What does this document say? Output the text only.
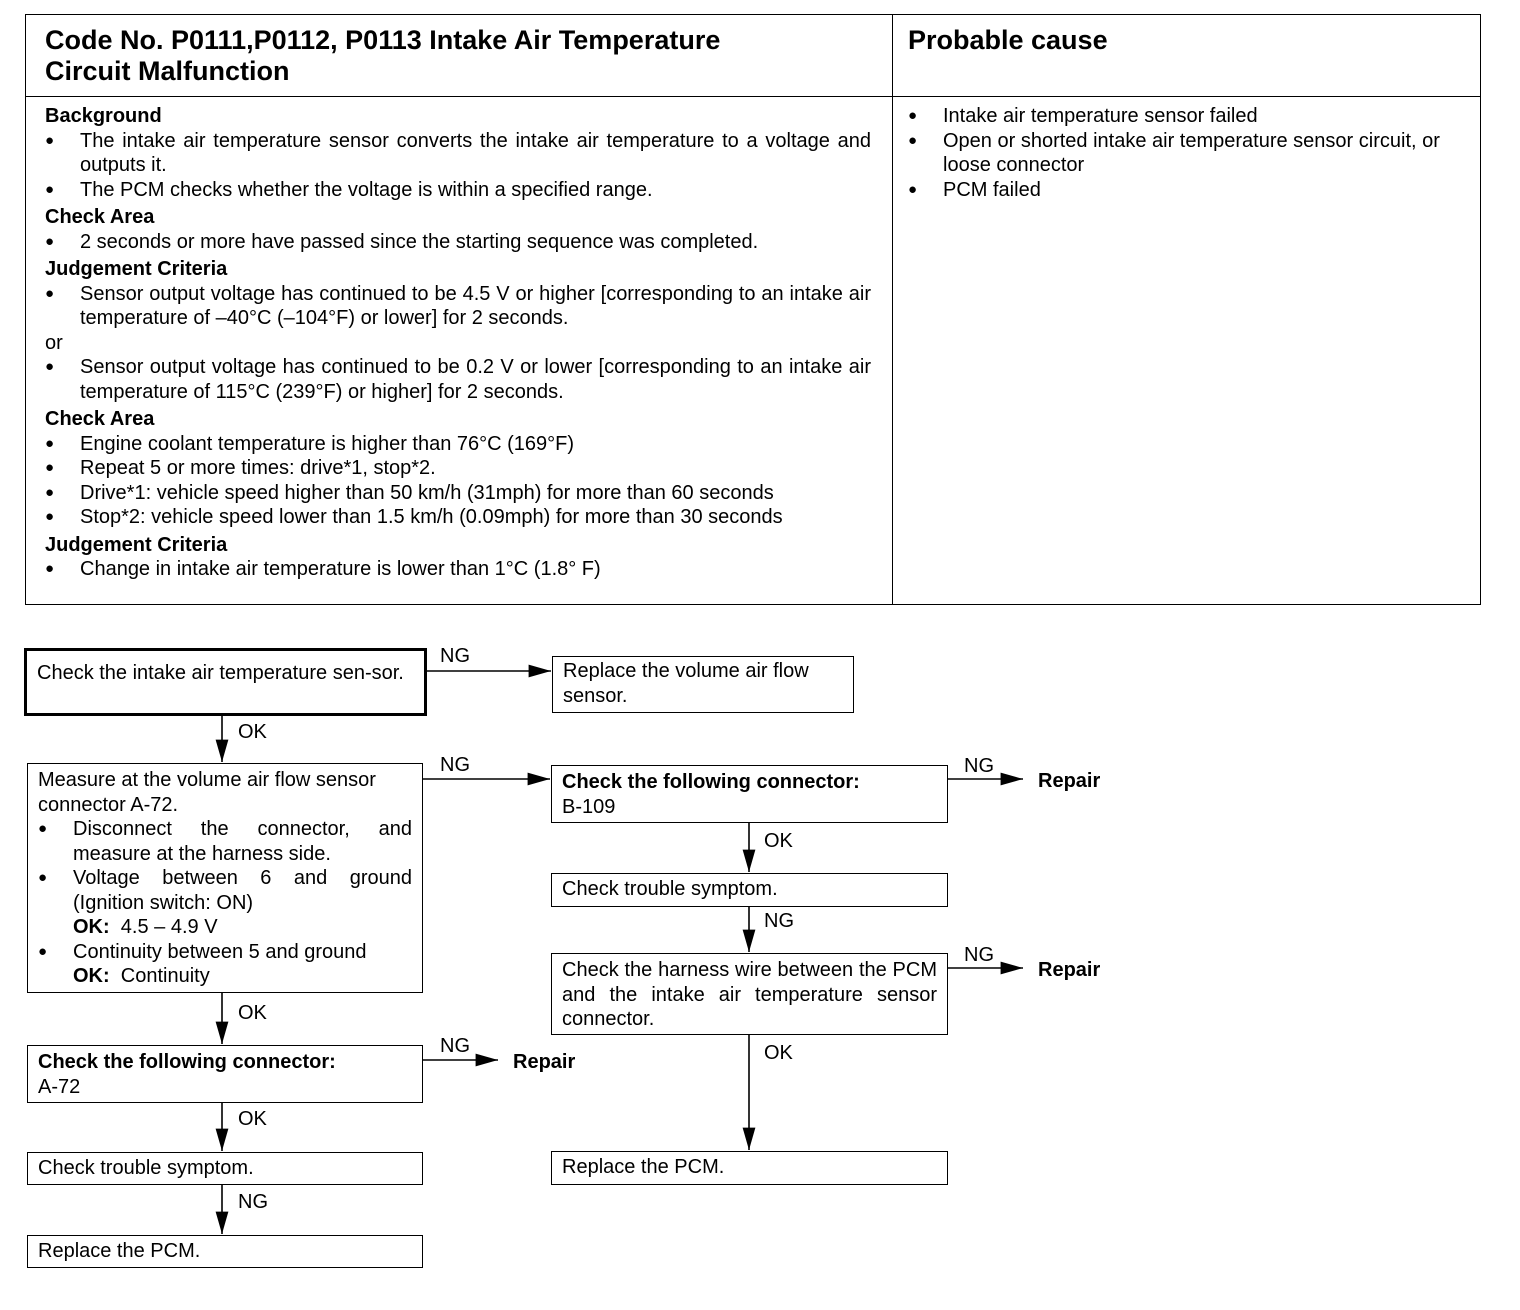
Code No. P0111,P0112, P0113 Intake Air Temperature
Circuit Malfunction
Probable cause
Background
● The intake air temperature sensor converts the intake air temperature to a voltage and outputs it.
● The PCM checks whether the voltage is within a specified range.
Check Area
● 2 seconds or more have passed since the starting sequence was completed.
Judgement Criteria
● Sensor output voltage has continued to be 4.5 V or higher [corresponding to an intake air temperature of –40°C (–104°F) or lower] for 2 seconds.
or
● Sensor output voltage has continued to be 0.2 V or lower [corresponding to an intake air temperature of 115°C (239°F) or higher] for 2 seconds.
Check Area
● Engine coolant temperature is higher than 76°C (169°F)
● Repeat 5 or more times: drive*1, stop*2.
● Drive*1: vehicle speed higher than 50 km/h (31mph) for more than 60 seconds
● Stop*2: vehicle speed lower than 1.5 km/h (0.09mph) for more than 30 seconds
Judgement Criteria
● Change in intake air temperature is lower than 1°C (1.8° F)
● Intake air temperature sensor failed
● Open or shorted intake air temperature sensor circuit, or loose connector
● PCM failed
Check the intake air temperature sen-sor.	Replace the volume air flow sensor.
Measure at the volume air flow sensor connector A-72.
● Disconnect the connector, and measure at the harness side.
● Voltage between 6 and ground (Ignition switch: ON)
OK: 4.5 – 4.9 V
● Continuity between 5 and ground
OK: Continuity
Check the following connector:
B-109
Check trouble symptom.
Check the harness wire between the PCM and the intake air temperature sensor connector.
Check the following connector:
A-72
Check trouble symptom.
Replace the PCM.
Replace the PCM.
NG
NG	NG
NG
NG
NG
NG
OK
OK
OK
OK
OK
Repair
Repair
Repair
